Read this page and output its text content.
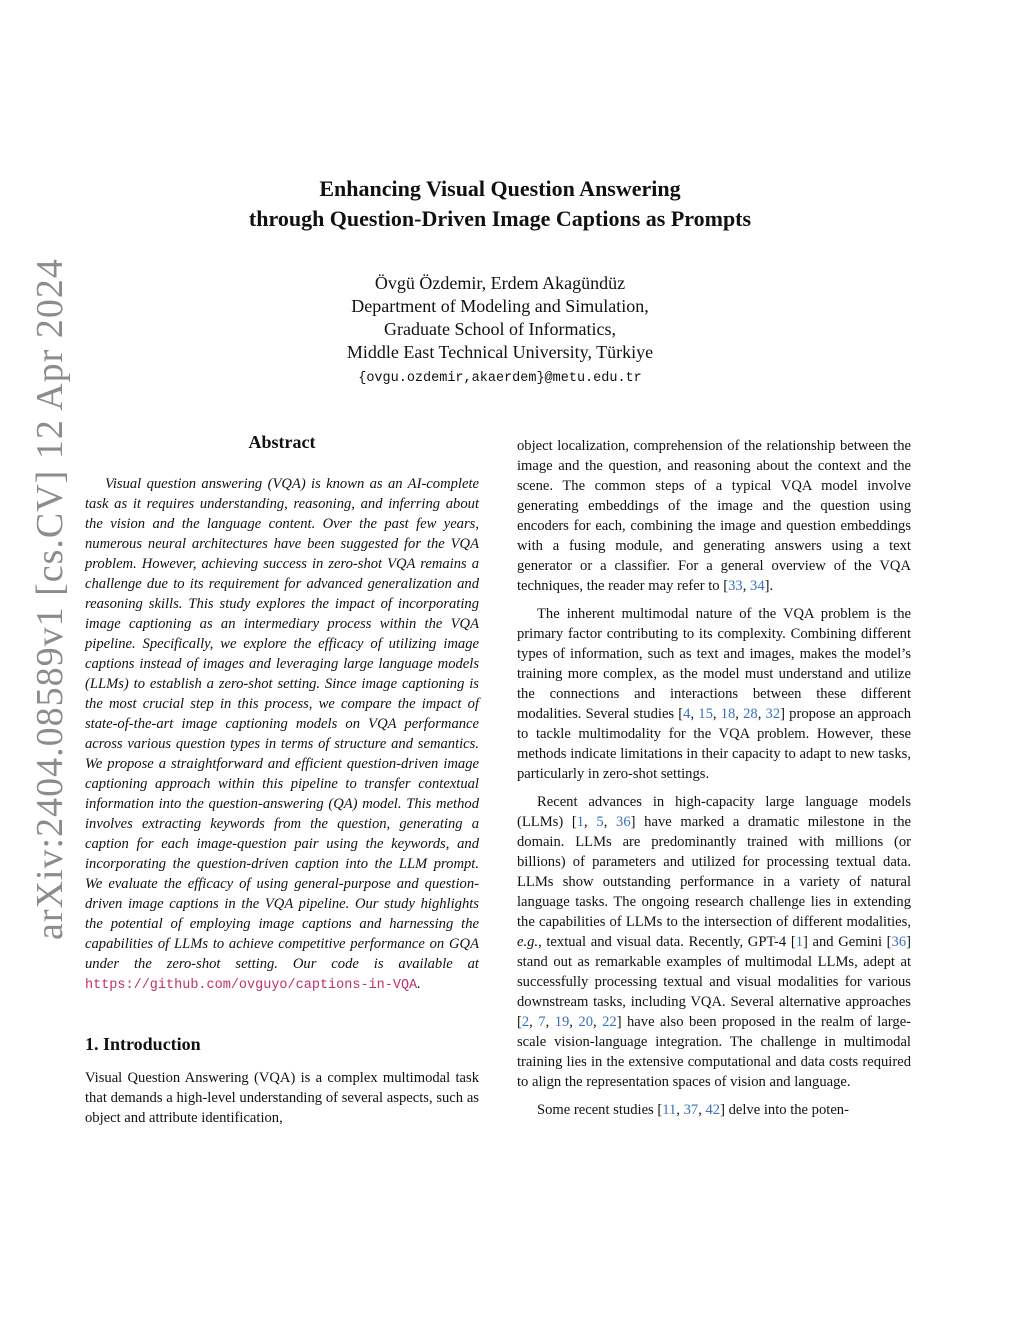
arXiv:2404.08589v1 [cs.CV] 12 Apr 2024
Enhancing Visual Question Answering
through Question-Driven Image Captions as Prompts
Övgü Özdemir, Erdem Akagündüz
Department of Modeling and Simulation,
Graduate School of Informatics,
Middle East Technical University, Türkiye
{ovgu.ozdemir,akaerdem}@metu.edu.tr
Abstract

Visual question answering (VQA) is known as an AI-complete task as it requires understanding, reasoning, and inferring about the vision and the language content. Over the past few years, numerous neural architectures have been suggested for the VQA problem. However, achieving success in zero-shot VQA remains a challenge due to its requirement for advanced generalization and reasoning skills. This study explores the impact of incorporating image captioning as an intermediary process within the VQA pipeline. Specifically, we explore the efficacy of utilizing image captions instead of images and leveraging large language models (LLMs) to establish a zero-shot setting. Since image captioning is the most crucial step in this process, we compare the impact of state-of-the-art image captioning models on VQA performance across various question types in terms of structure and semantics. We propose a straightforward and efficient question-driven image captioning approach within this pipeline to transfer contextual information into the question-answering (QA) model. This method involves extracting keywords from the question, generating a caption for each image-question pair using the keywords, and incorporating the question-driven caption into the LLM prompt. We evaluate the efficacy of using general-purpose and question-driven image captions in the VQA pipeline. Our study highlights the potential of employing image captions and harnessing the capabilities of LLMs to achieve competitive performance on GQA under the zero-shot setting. Our code is available at https://github.com/ovguyo/captions-in-VQA.

1. Introduction

Visual Question Answering (VQA) is a complex multimodal task that demands a high-level understanding of several aspects, such as object and attribute identification,

object localization, comprehension of the relationship between the image and the question, and reasoning about the context and the scene. The common steps of a typical VQA model involve generating embeddings of the image and the question using encoders for each, combining the image and question embeddings with a fusing module, and generating answers using a text generator or a classifier. For a general overview of the VQA techniques, the reader may refer to [33, 34].

The inherent multimodal nature of the VQA problem is the primary factor contributing to its complexity. Combining different types of information, such as text and images, makes the model’s training more complex, as the model must understand and utilize the connections and interactions between these different modalities. Several studies [4, 15, 18, 28, 32] propose an approach to tackle multimodality for the VQA problem. However, these methods indicate limitations in their capacity to adapt to new tasks, particularly in zero-shot settings.

Recent advances in high-capacity large language models (LLMs) [1, 5, 36] have marked a dramatic milestone in the domain. LLMs are predominantly trained with millions (or billions) of parameters and utilized for processing textual data. LLMs show outstanding performance in a variety of natural language tasks. The ongoing research challenge lies in extending the capabilities of LLMs to the intersection of different modalities, e.g., textual and visual data. Recently, GPT-4 [1] and Gemini [36] stand out as remarkable examples of multimodal LLMs, adept at successfully processing textual and visual modalities for various downstream tasks, including VQA. Several alternative approaches [2, 7, 19, 20, 22] have also been proposed in the realm of large-scale vision-language integration. The challenge in multimodal training lies in the extensive computational and data costs required to align the representation spaces of vision and language.

Some recent studies [11, 37, 42] delve into the poten-
